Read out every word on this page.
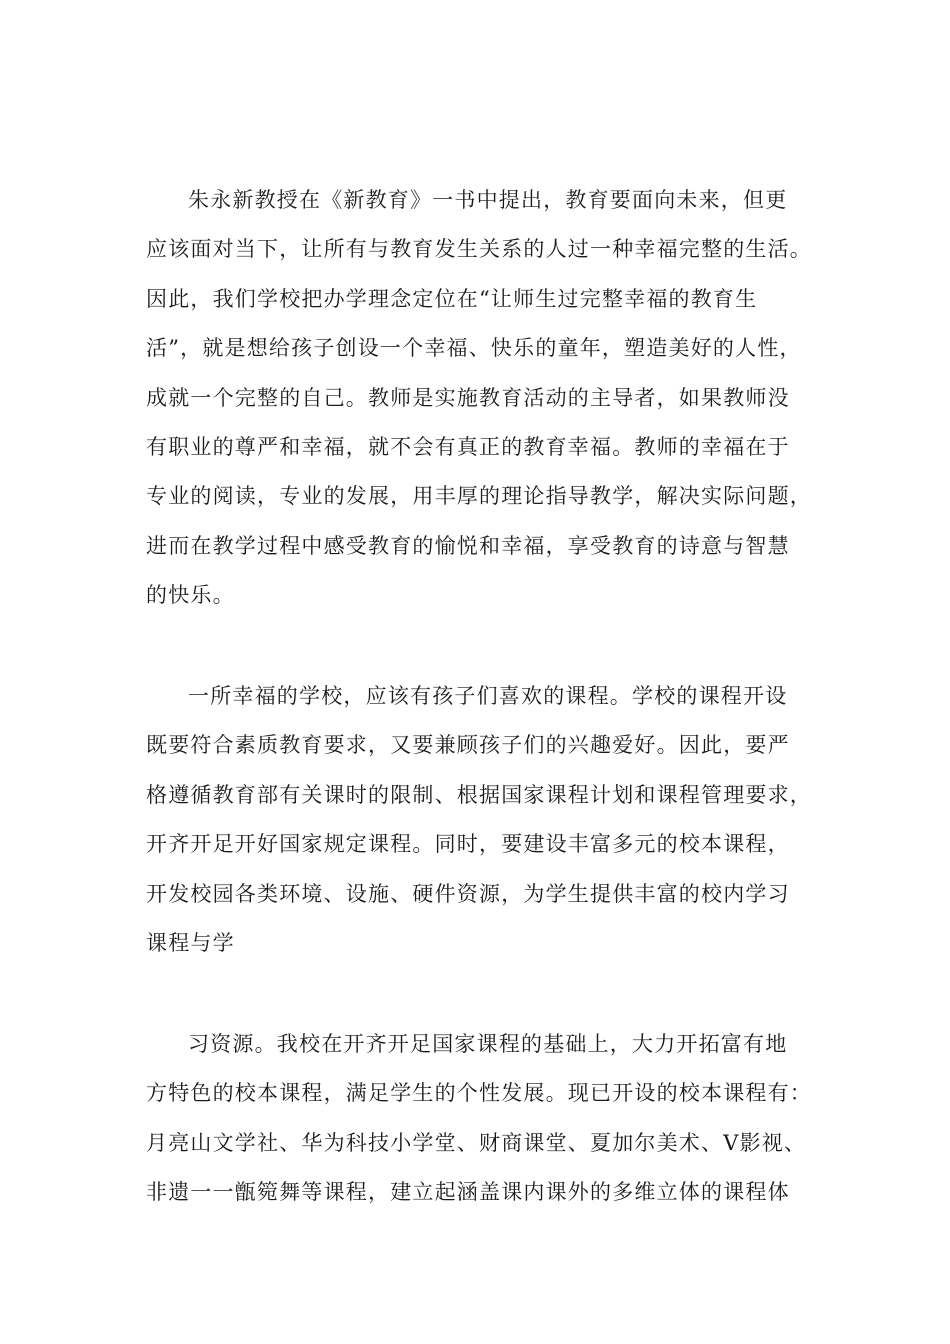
朱永新教授在《新教育》一书中提出，教育要面向未来，但更
应该面对当下，让所有与教育发生关系的人过一种幸福完整的生活。
因此，我们学校把办学理念定位在“让师生过完整幸福的教育生
活”，就是想给孩子创设一个幸福、快乐的童年，塑造美好的人性，
成就一个完整的自己。教师是实施教育活动的主导者，如果教师没
有职业的尊严和幸福，就不会有真正的教育幸福。教师的幸福在于
专业的阅读，专业的发展，用丰厚的理论指导教学，解决实际问题，
进而在教学过程中感受教育的愉悦和幸福，享受教育的诗意与智慧
的快乐。
一所幸福的学校，应该有孩子们喜欢的课程。学校的课程开设
既要符合素质教育要求，又要兼顾孩子们的兴趣爱好。因此，要严
格遵循教育部有关课时的限制、根据国家课程计划和课程管理要求，
开齐开足开好国家规定课程。同时，要建设丰富多元的校本课程，
开发校园各类环境、设施、硬件资源，为学生提供丰富的校内学习
课程与学
习资源。我校在开齐开足国家课程的基础上，大力开拓富有地
方特色的校本课程，满足学生的个性发展。现已开设的校本课程有：
月亮山文学社、华为科技小学堂、财商课堂、夏加尔美术、V影视、
非遗一一甑箢舞等课程，建立起涵盖课内课外的多维立体的课程体
